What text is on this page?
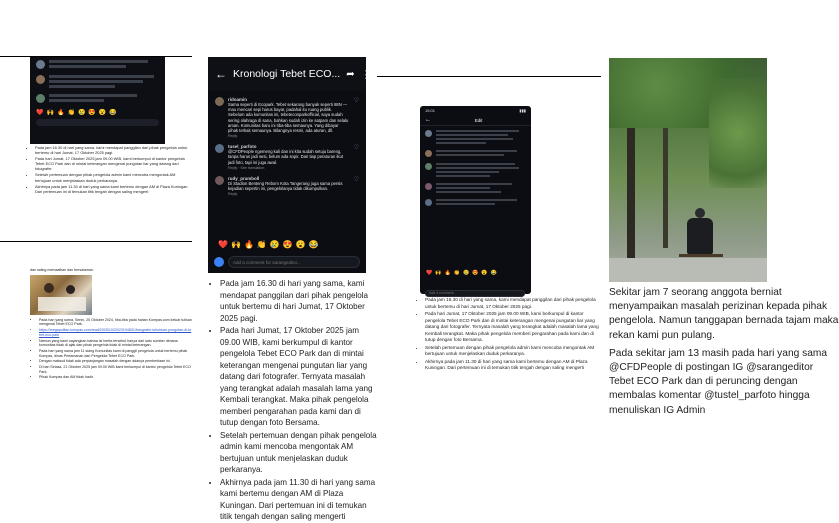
❤️ 🙌 🔥 👏 😢 😍 😮 😂
• Pada jam 16.30 di hari yang sama, kami mendapat panggilan dari pihak pengelola untuk bertemu di hari Jumat, 17 Oktober 2025 pagi.
• Pada hari Jumat, 17 Oktober 2025 jam 09.00 WIB, kami berkumpul di kantor pengelola Tebet ECO Park dan di mintai keterangan mengenai pungutan liar yang datang dari fotografer.
• Setelah pertemuan dengan pihak pengelola admin kami mencoba mengontak AM bertujuan untuk menjelaskan duduk perkaranya.
• Akhirnya pada jam 11.30 di hari yang sama kami bertemu dengan AM di Plaza Kuningan. Dari pertemuan ini di temukan titik tengah dengan saling mengerti
dan saling memaafkan dan bersalaman.
• Pada hari yang sama, Senin, 20 Oktober 2024, tiba-tiba pada harian Kompas.com keluar tulisan mengenai Tebet ECO Park.
• https://megapolitan.kompas.com/read/2025/10/20/23194831/fotografer-keluhkan-pungutan-di-tebet-eco-park
• Namun yang kami sayangkan bahwa isi berita tersebut hanya dari satu sumber dimana komunitas tidak di ajak dan pihak pengelola tidak di mintai keterangan.
• Pada hari yang sama jam 11 siang Komunitas kami di panggil pengelola untuk bertemu pihak Kompas, dinas Pertamanan dan Pengelola Tebet ECO Park.
• Dengan maksud tidak ada perpanjangan masalah dengan adanya pemberitaan ini.
• Di hari Selasa, 21 Oktober 2025 jam 09.00 WIB kami berkumpul di kantor pengelola Tebet ECO Park.
• Pihak Kompas dan AM tidak hadir.
← Kronologi Tebet ECO... ➦ ⋮
ridoamin
Sama seperti di Ecopark. Tebet sekarang banyak seperti 88N — mau mencari sepi harus bayar, padahal itu ruang publik. Sebelum ada komunitas ini, tebeteconparkofficial, saya sudah sering olahraga di sana, bahkan sudah izin ke satpam dan selalu aman. Komunitas baru ini tiba-tiba semaunya. Yang dibayar pihak terkait semaunya. Bilangnya resmi, ada aturan, dll.
Reply
♡
tusel_parfoto
@CFDPeople ngemeng kali dan ini kita sudah setuju bareng, tanpa harus jadi sesi, belum ada sopir. Dari tiap peraturan ikut jadi foto, tapi ini juga awal.
Reply · See translation
♡
rudy_pramboll
Di Stadion Benteng Reborn Kota Tangerang juga sama persis kejadian sepertin ini, pengelolanya tidak dikumpulkan.
Reply
♡
❤️ 🙌 🔥 👏 😢 😍 😮 😂
Add a comment for sarangeditoi...
• Pada jam 16.30 di hari yang sama, kami mendapat panggilan dari pihak pengelola untuk bertemu di hari Jumat, 17 Oktober 2025 pagi.
• Pada hari Jumat, 17 Oktober 2025 jam 09.00 WIB, kami berkumpul di kantor pengelola Tebet ECO Park dan di mintai keterangan mengenai pungutan liar yang datang dari fotografer. Ternyata masalah yang terangkat adalah masalah lama yang Kembali terangkat. Maka pihak pengelola memberi pengarahan pada kami dan di tutup dengan foto Bersama.
• Setelah pertemuan dengan pihak pengelola admin kami mencoba mengontak AM bertujuan untuk menjelaskan duduk perkaranya.
• Akhirnya pada jam 11.30 di hari yang sama kami bertemu dengan AM di Plaza Kuningan. Dari pertemuan ini di temukan titik tengah dengan saling mengerti
15:01	▮▮▮
←	Edit
❤️ 🙌 🔥 👏 😢 😍 😮 😂
Add a comment...
• Pada jam 16.30 di hari yang sama, kami mendapat panggilan dari pihak pengelola untuk bertemu di hari Jumat, 17 Oktober 2025 pagi.
• Pada hari Jumat, 17 Oktober 2025 jam 09.00 WIB, kami berkumpul di kantor pengelola Tebet ECO Park dan di mintai keterangan mengenai pungutan liar yang datang dari fotografer. Ternyata masalah yang terangkat adalah masalah lama yang Kembali terangkat. Maka pihak pengelola memberi pengarahan pada kami dan di tutup dengan foto Bersama.
• Setelah pertemuan dengan pihak pengelola admin kami mencoba mengontak AM bertujuan untuk menjelaskan duduk perkaranya.
• Akhirnya pada jam 11.30 di hari yang sama kami bertemu dengan AM di Plaza Kuningan. Dari pertemuan ini di temukan titik tengah dengan saling mengerti

Sekitar jam 7 seorang anggota berniat menyampaikan masalah perizinan kepada pihak pengelola. Namun tanggapan bernada tajam maka rekan kami pun pulang.

Pada sekitar jam 13 masih pada hari yang sama @CFDPeople di postingan IG @sarangeditor Tebet ECO Park dan di peruncing dengan membalas komentar @tustel_parfoto hingga menuliskan IG Admin
